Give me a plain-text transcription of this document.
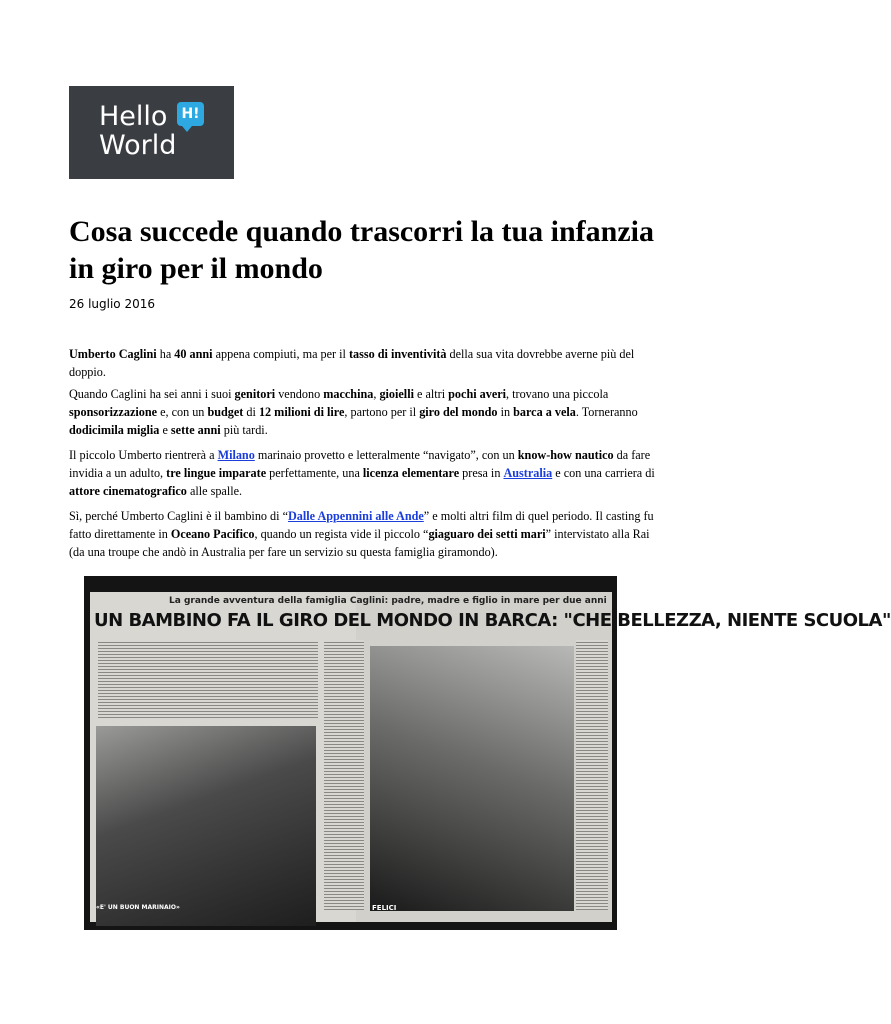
Hello	H!
World
Cosa succede quando trascorri la tua infanzia in giro per il mondo
26 luglio 2016

Umberto Caglini ha 40 anni appena compiuti, ma per il tasso di inventività della sua vita dovrebbe averne più del doppio.

Quando Caglini ha sei anni i suoi genitori vendono macchina, gioielli e altri pochi averi, trovano una piccola sponsorizzazione e, con un budget di 12 milioni di lire, partono per il giro del mondo in barca a vela. Torneranno dodicimila miglia e sette anni più tardi.

Il piccolo Umberto rientrerà a Milano marinaio provetto e letteralmente “navigato”, con un know-how nautico da fare invidia a un adulto, tre lingue imparate perfettamente, una licenza elementare presa in Australia e con una carriera di attore cinematografico alle spalle.

Sì, perché Umberto Caglini è il bambino di “Dalle Appennini alle Ande” e molti altri film di quel periodo. Il casting fu fatto direttamente in Oceano Pacifico, quando un regista vide il piccolo “giaguaro dei setti mari” intervistato alla Rai (da una troupe che andò in Australia per fare un servizio su questa famiglia giramondo).

La grande avventura della famiglia Caglini: padre, madre e figlio in mare per due anni
UN BAMBINO FA IL GIRO DEL MONDO IN BARCA: "CHE BELLEZZA, NIENTE SCUOLA"
«E' UN BUON MARINAIO»	FELICI
